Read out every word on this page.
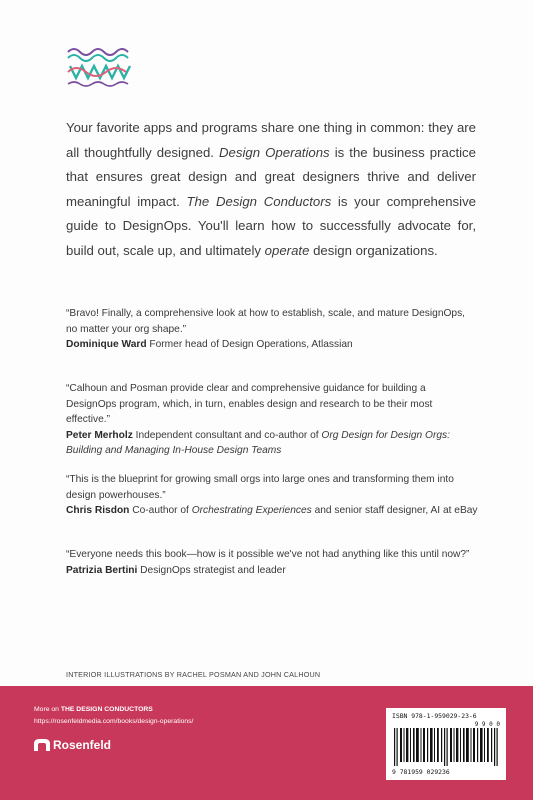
Your favorite apps and programs share one thing in common: they are all thoughtfully designed. Design Operations is the business practice that ensures great design and great designers thrive and deliver meaningful impact. The Design Conductors is your comprehensive guide to DesignOps. You'll learn how to successfully advocate for, build out, scale up, and ultimately operate design organizations.

“Bravo! Finally, a comprehensive look at how to establish, scale, and mature DesignOps, no matter your org shape.”

Dominique Ward Former head of Design Operations, Atlassian

“Calhoun and Posman provide clear and comprehensive guidance for building a DesignOps program, which, in turn, enables design and research to be their most effective.”

Peter Merholz Independent consultant and co-author of Org Design for Design Orgs: Building and Managing In-House Design Teams

“This is the blueprint for growing small orgs into large ones and transforming them into design powerhouses.”

Chris Risdon Co-author of Orchestrating Experiences and senior staff designer, AI at eBay

“Everyone needs this book—how is it possible we've not had anything like this until now?”

Patrizia Bertini DesignOps strategist and leader

INTERIOR ILLUSTRATIONS BY RACHEL POSMAN AND JOHN CALHOUN
More on THE DESIGN CONDUCTORS
https://rosenfeldmedia.com/books/design-operations/
Rosenfeld
ISBN 978-1-959029-23-6
9 9 0 0
9 781959 029236
